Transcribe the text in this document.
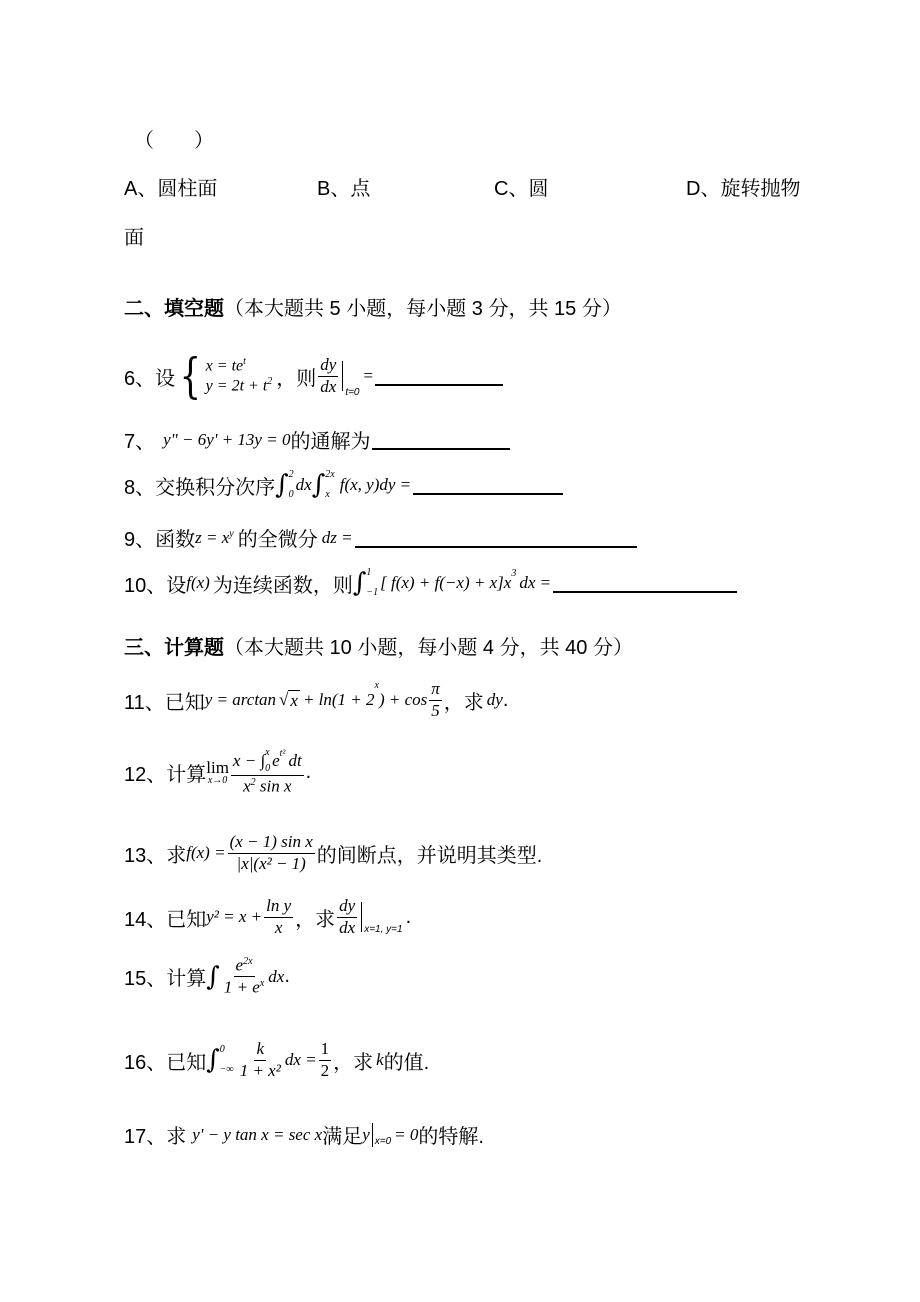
（　　）
A、圆柱面	B、点	C、圆	D、旋转抛物
面
二、填空题 （本大题共 5 小题，每小题 3 分，共 15 分）
6、设 { $x = te^t$
$y = 2t + t^2$ ，则 $\frac{dy}{dx} t=0$
=
7、 y" − 6y' + 13y = 0 的通解为
8、交换积分次序 ∫ 2
0
dx ∫ 2x
x
f(x, y)dy =
9、函数 $z = x^y$ 的全微分 dz =
10、设 f(x) 为连续函数，则 ∫ 1
−1
[ $f(x) + f(-x) + x]x^3$ dx =
三、计算题 （本大题共 10 小题，每小题 4 分，共 40 分）
11、已知 y = arctan √ x + ln(1 + 2
$^x$
) + $\cos \frac{\pi}{5}$ ，求 dy .
12、计算 lim
x→0 x − ∫ x
0 $e^{t^2}$ dt
$x^2$ sin x .
13、求 $f(x) = \frac{\text{(x − 1) sin x}}{\text{|x|(x² − 1)}}$ 的间断点，并说明其类型.
14、已知 $y^2 = x + \frac{\text{ln y}}{x}$ ，求 $\frac{dy}{dx} x=1$, y=1
.
15、计算 ∫ $\frac{e^{2x}}{1 + e^x}$ dx .
16、已知 ∫ 0
−∞ $\frac{k}{\text{1 + x²}}$ dx = $\frac{1}{2}$ ，求 k 的值.
17、求 y' − y tan x = sec x 满足 y x=0 = 0 的特解.
